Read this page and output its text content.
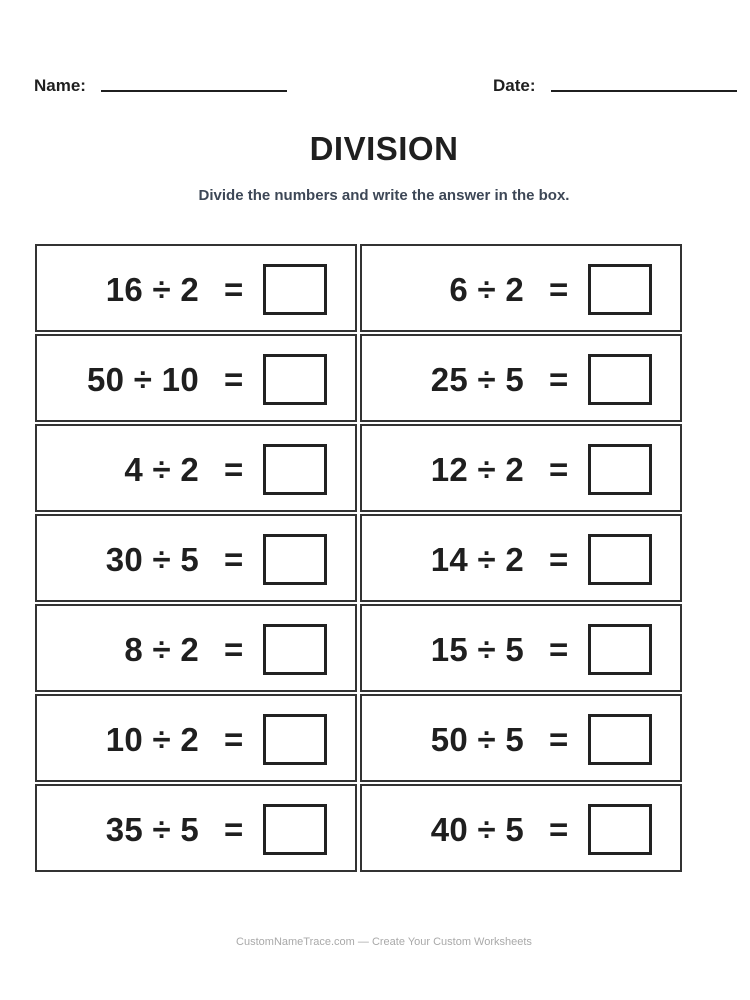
Name:	Date:
DIVISION
Divide the numbers and write the answer in the box.
16 ÷ 2 =	6 ÷ 2 =
50 ÷ 10 =	25 ÷ 5 =
4 ÷ 2 =	12 ÷ 2 =
30 ÷ 5 =	14 ÷ 2 =
8 ÷ 2 =	15 ÷ 5 =
10 ÷ 2 =	50 ÷ 5 =
35 ÷ 5 =	40 ÷ 5 =
CustomNameTrace.com — Create Your Custom Worksheets
